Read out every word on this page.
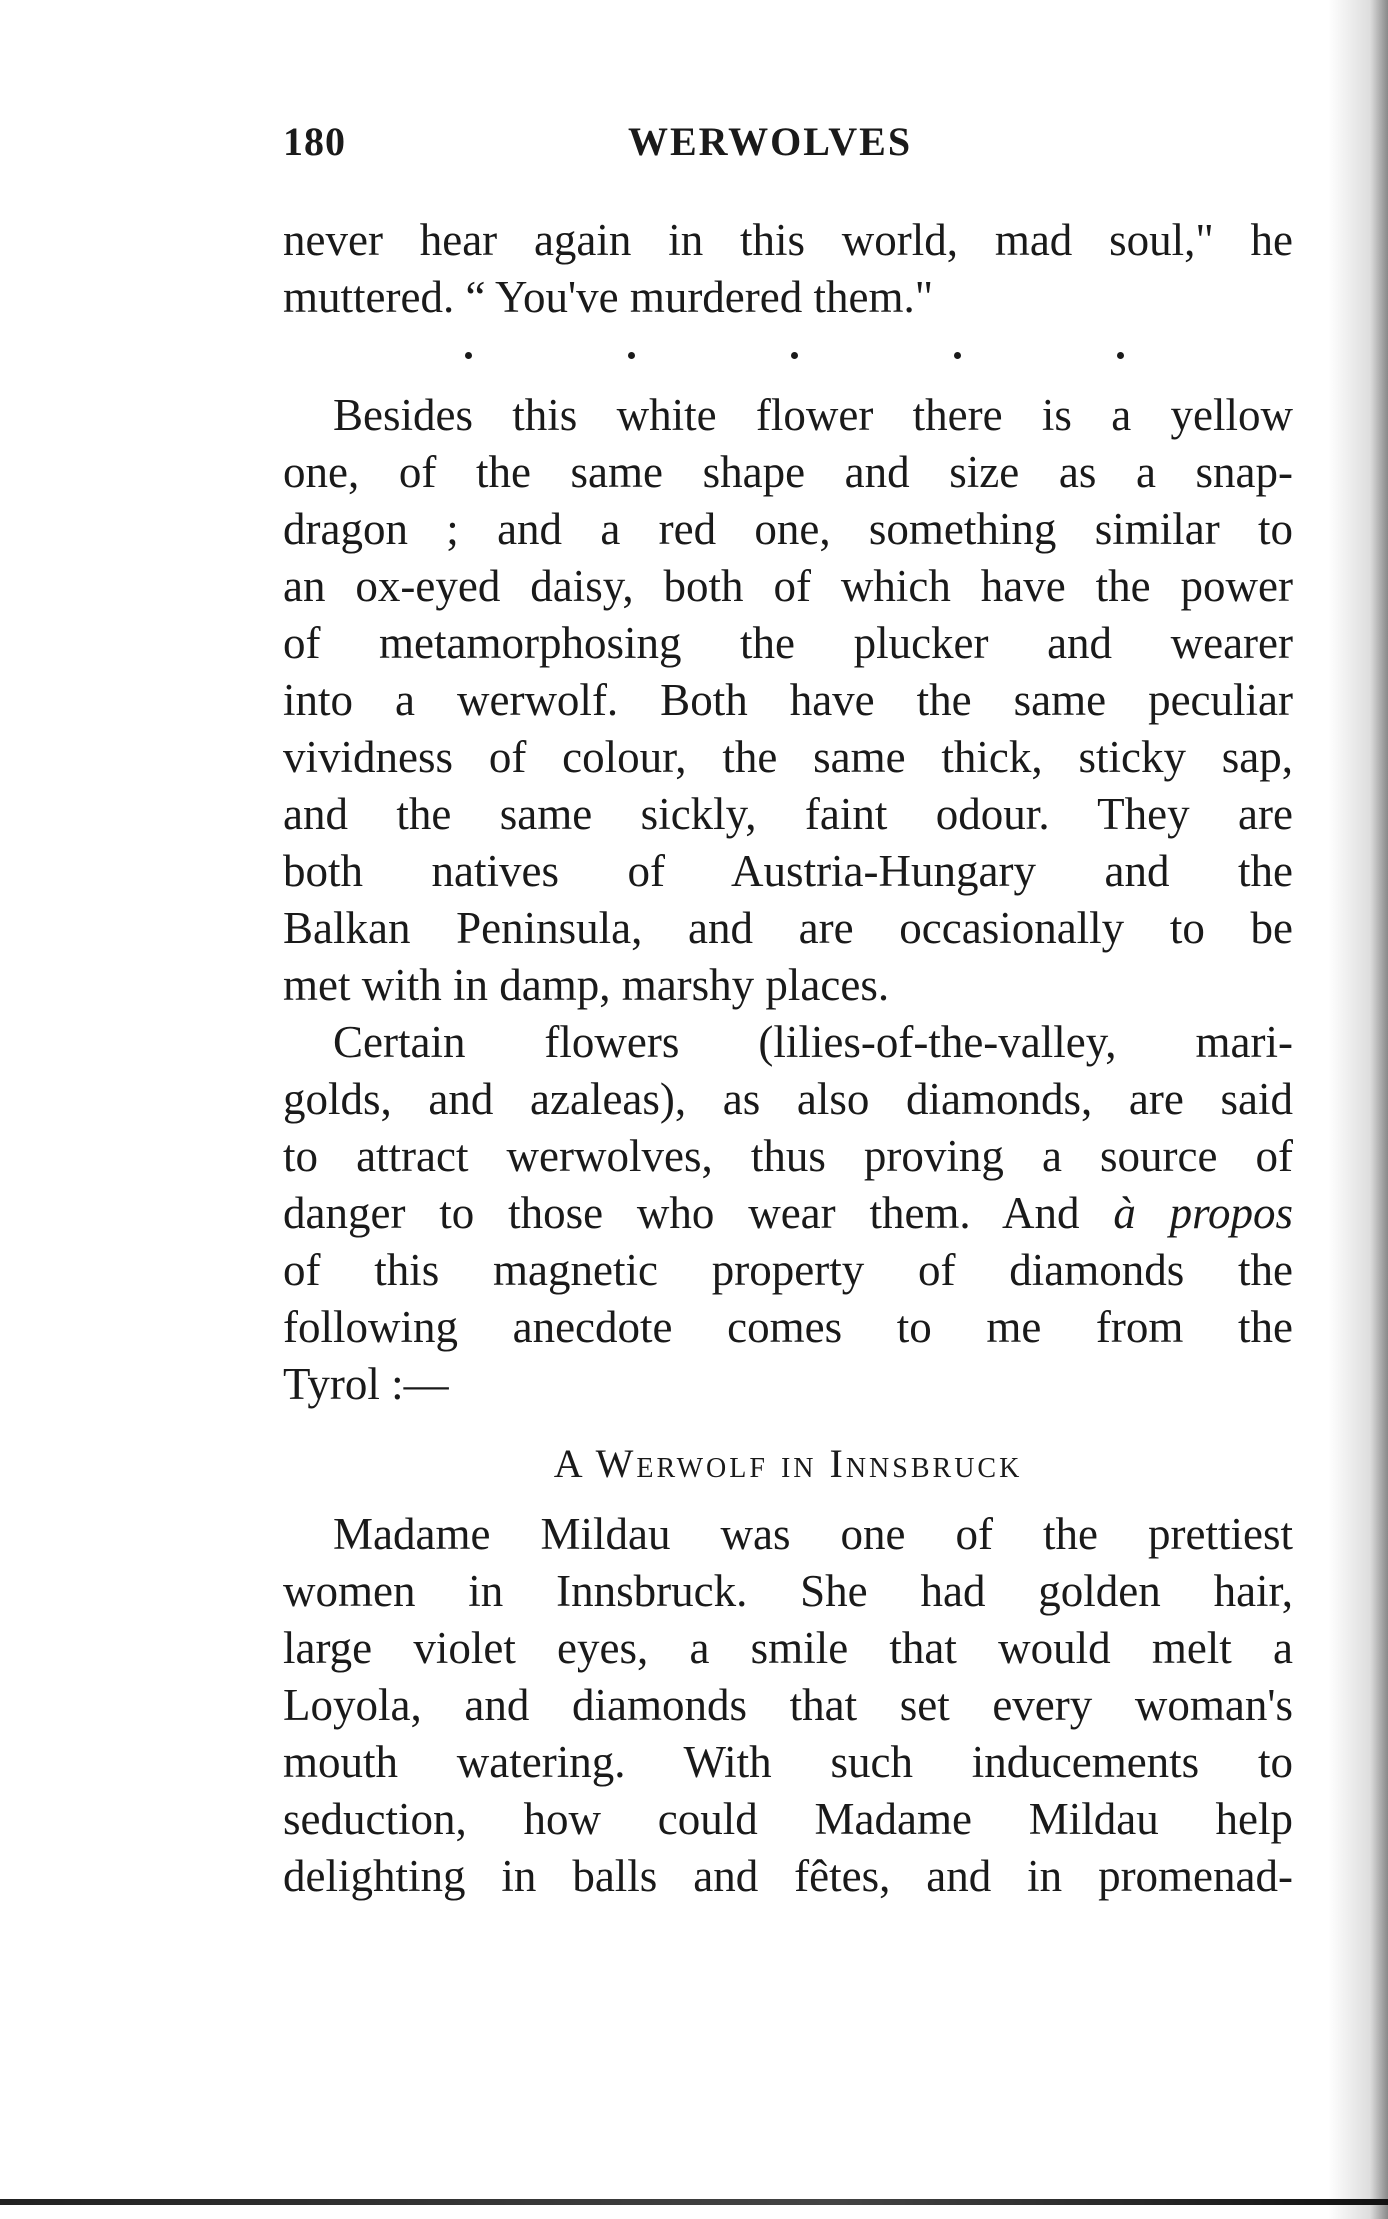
180	WERWOLVES
never hear again in this world, mad soul," he
muttered. “ You've murdered them."
Besides this white flower there is a yellow
one, of the same shape and size as a snap-
dragon ; and a red one, something similar to
an ox-eyed daisy, both of which have the power
of metamorphosing the plucker and wearer
into a werwolf. Both have the same peculiar
vividness of colour, the same thick, sticky sap,
and the same sickly, faint odour. They are
both natives of Austria-Hungary and the
Balkan Peninsula, and are occasionally to be
met with in damp, marshy places.
Certain flowers (lilies-of-the-valley, mari-
golds, and azaleas), as also diamonds, are said
to attract werwolves, thus proving a source of
danger to those who wear them. And à propos
of this magnetic property of diamonds the
following anecdote comes to me from the
Tyrol :—
A Werwolf in Innsbruck
Madame Mildau was one of the prettiest
women in Innsbruck. She had golden hair,
large violet eyes, a smile that would melt a
Loyola, and diamonds that set every woman's
mouth watering. With such inducements to
seduction, how could Madame Mildau help
delighting in balls and fêtes, and in promenad-
